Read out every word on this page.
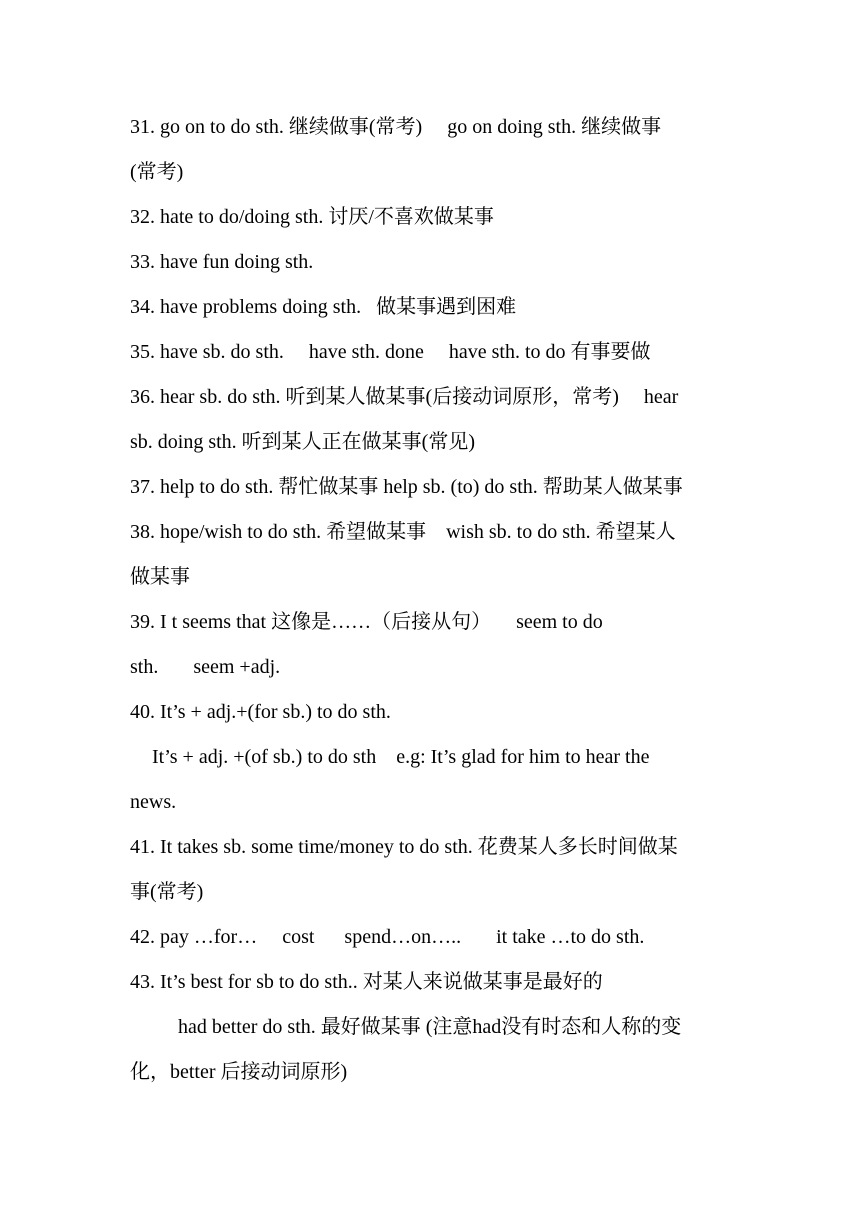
31. go on to do sth. 继续做事(常考)     go on doing sth. 继续做事
(常考)
32. hate to do/doing sth. 讨厌/不喜欢做某事
33. have fun doing sth.
34. have problems doing sth.   做某事遇到困难
35. have sb. do sth.     have sth. done     have sth. to do 有事要做
36. hear sb. do sth. 听到某人做某事(后接动词原形，常考)     hear
sb. doing sth. 听到某人正在做某事(常见)
37. help to do sth. 帮忙做某事 help sb. (to) do sth. 帮助某人做某事
38. hope/wish to do sth. 希望做某事    wish sb. to do sth. 希望某人
做某事
39. I t seems that 这像是……（后接从句）     seem to do
sth.       seem +adj.
40. It’s + adj.+(for sb.) to do sth.
It’s + adj. +(of sb.) to do sth    e.g: It’s glad for him to hear the
news.
41. It takes sb. some time/money to do sth. 花费某人多长时间做某
事(常考)
42. pay …for…     cost      spend…on…..       it take …to do sth.
43. It’s best for sb to do sth.. 对某人来说做某事是最好的
had better do sth. 最好做某事 (注意had没有时态和人称的变
化，better 后接动词原形)
